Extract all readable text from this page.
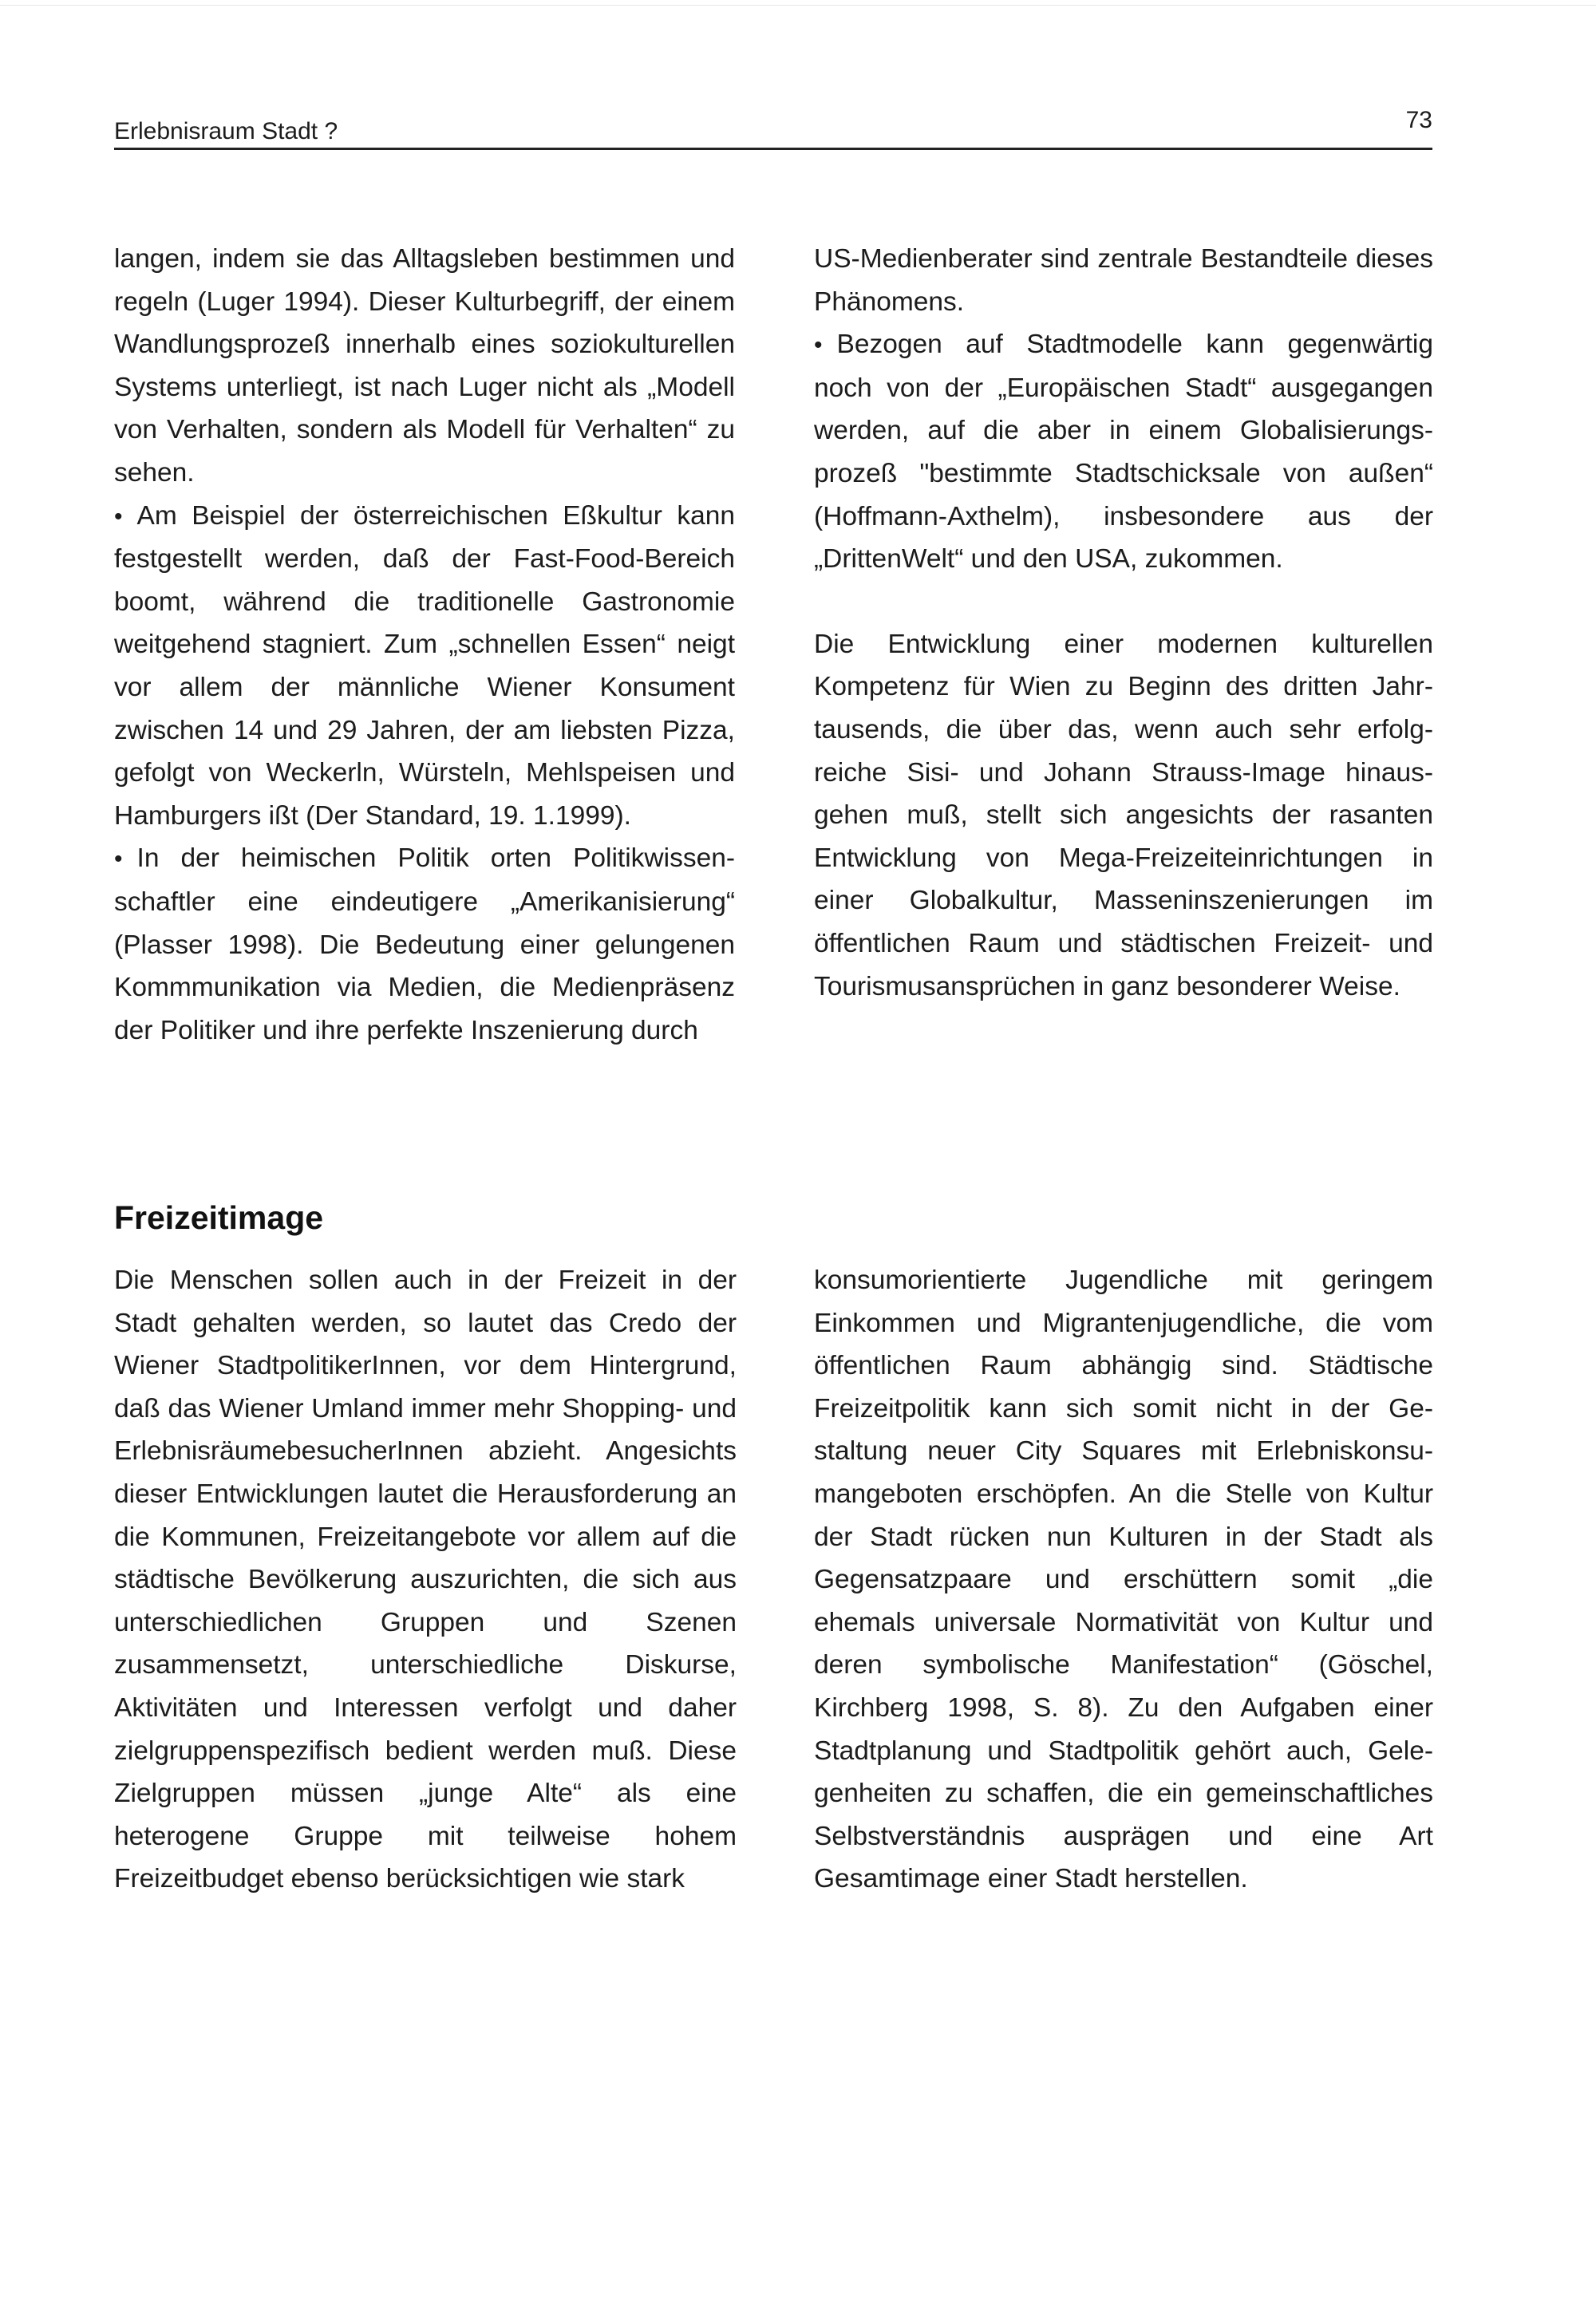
Erlebnisraum Stadt ?	73

langen, indem sie das Alltagsleben bestimmen und regeln (Luger 1994). Dieser Kulturbegriff, der einem Wandlungsprozeß innerhalb eines soziokulturellen Systems unterliegt, ist nach Luger nicht als „Modell von Verhalten, sondern als Modell für Verhalten“ zu sehen.

• Am Beispiel der österreichischen Eßkultur kann festgestellt werden, daß der Fast-Food-Bereich boomt, während die traditionelle Gastronomie weitgehend stagniert. Zum „schnellen Essen“ neigt vor allem der männliche Wiener Konsument zwischen 14 und 29 Jahren, der am liebsten Pizza, gefolgt von Weckerln, Würsteln, Mehlspeisen und Hamburgers ißt (Der Standard, 19. 1.1999).

• In der heimischen Politik orten Politikwissenschaftler eine eindeutigere „Amerikanisierung“ (Plasser 1998). Die Bedeutung einer gelungenen Kommmunikation via Medien, die Medienpräsenz der Politiker und ihre perfekte Inszenierung durch

US-Medienberater sind zentrale Bestandteile dieses Phänomens.

• Bezogen auf Stadtmodelle kann gegenwärtig noch von der „Europäischen Stadt“ ausgegangen werden, auf die aber in einem Globalisierungsprozeß "bestimmte Stadtschicksale von außen“ (Hoffmann-Axthelm), insbesondere aus der „DrittenWelt“ und den USA, zukommen.

Die Entwicklung einer modernen kulturellen Kompetenz für Wien zu Beginn des dritten Jahrtausends, die über das, wenn auch sehr erfolgreiche Sisi- und Johann Strauss-Image hinausgehen muß, stellt sich angesichts der rasanten Entwicklung von Mega-Freizeiteinrichtungen in einer Globalkultur, Masseninszenierungen im öffentlichen Raum und städtischen Freizeit- und Tourismusansprüchen in ganz besonderer Weise.

Freizeitimage

Die Menschen sollen auch in der Freizeit in der Stadt gehalten werden, so lautet das Credo der Wiener StadtpolitikerInnen, vor dem Hintergrund, daß das Wiener Umland immer mehr Shopping- und ErlebnisräumebesucherInnen abzieht. Angesichts dieser Entwicklungen lautet die Herausforderung an die Kommunen, Freizeitangebote vor allem auf die städtische Bevölkerung auszurichten, die sich aus unterschiedlichen Gruppen und Szenen zusammensetzt, unterschiedliche Diskurse, Aktivitäten und Interessen verfolgt und daher zielgruppenspezifisch bedient werden muß. Diese Zielgruppen müssen „junge Alte“ als eine heterogene Gruppe mit teilweise hohem Freizeitbudget ebenso berücksichtigen wie stark

konsumorientierte Jugendliche mit geringem Einkommen und Migrantenjugendliche, die vom öffentlichen Raum abhängig sind. Städtische Freizeitpolitik kann sich somit nicht in der Gestaltung neuer City Squares mit Erlebniskonsumangeboten erschöpfen. An die Stelle von Kultur der Stadt rücken nun Kulturen in der Stadt als Gegensatzpaare und erschüttern somit „die ehemals universale Normativität von Kultur und deren symbolische Manifestation“ (Göschel, Kirchberg 1998, S. 8). Zu den Aufgaben einer Stadtplanung und Stadtpolitik gehört auch, Gelegenheiten zu schaffen, die ein gemeinschaftliches Selbstverständnis ausprägen und eine Art Gesamtimage einer Stadt herstellen.
